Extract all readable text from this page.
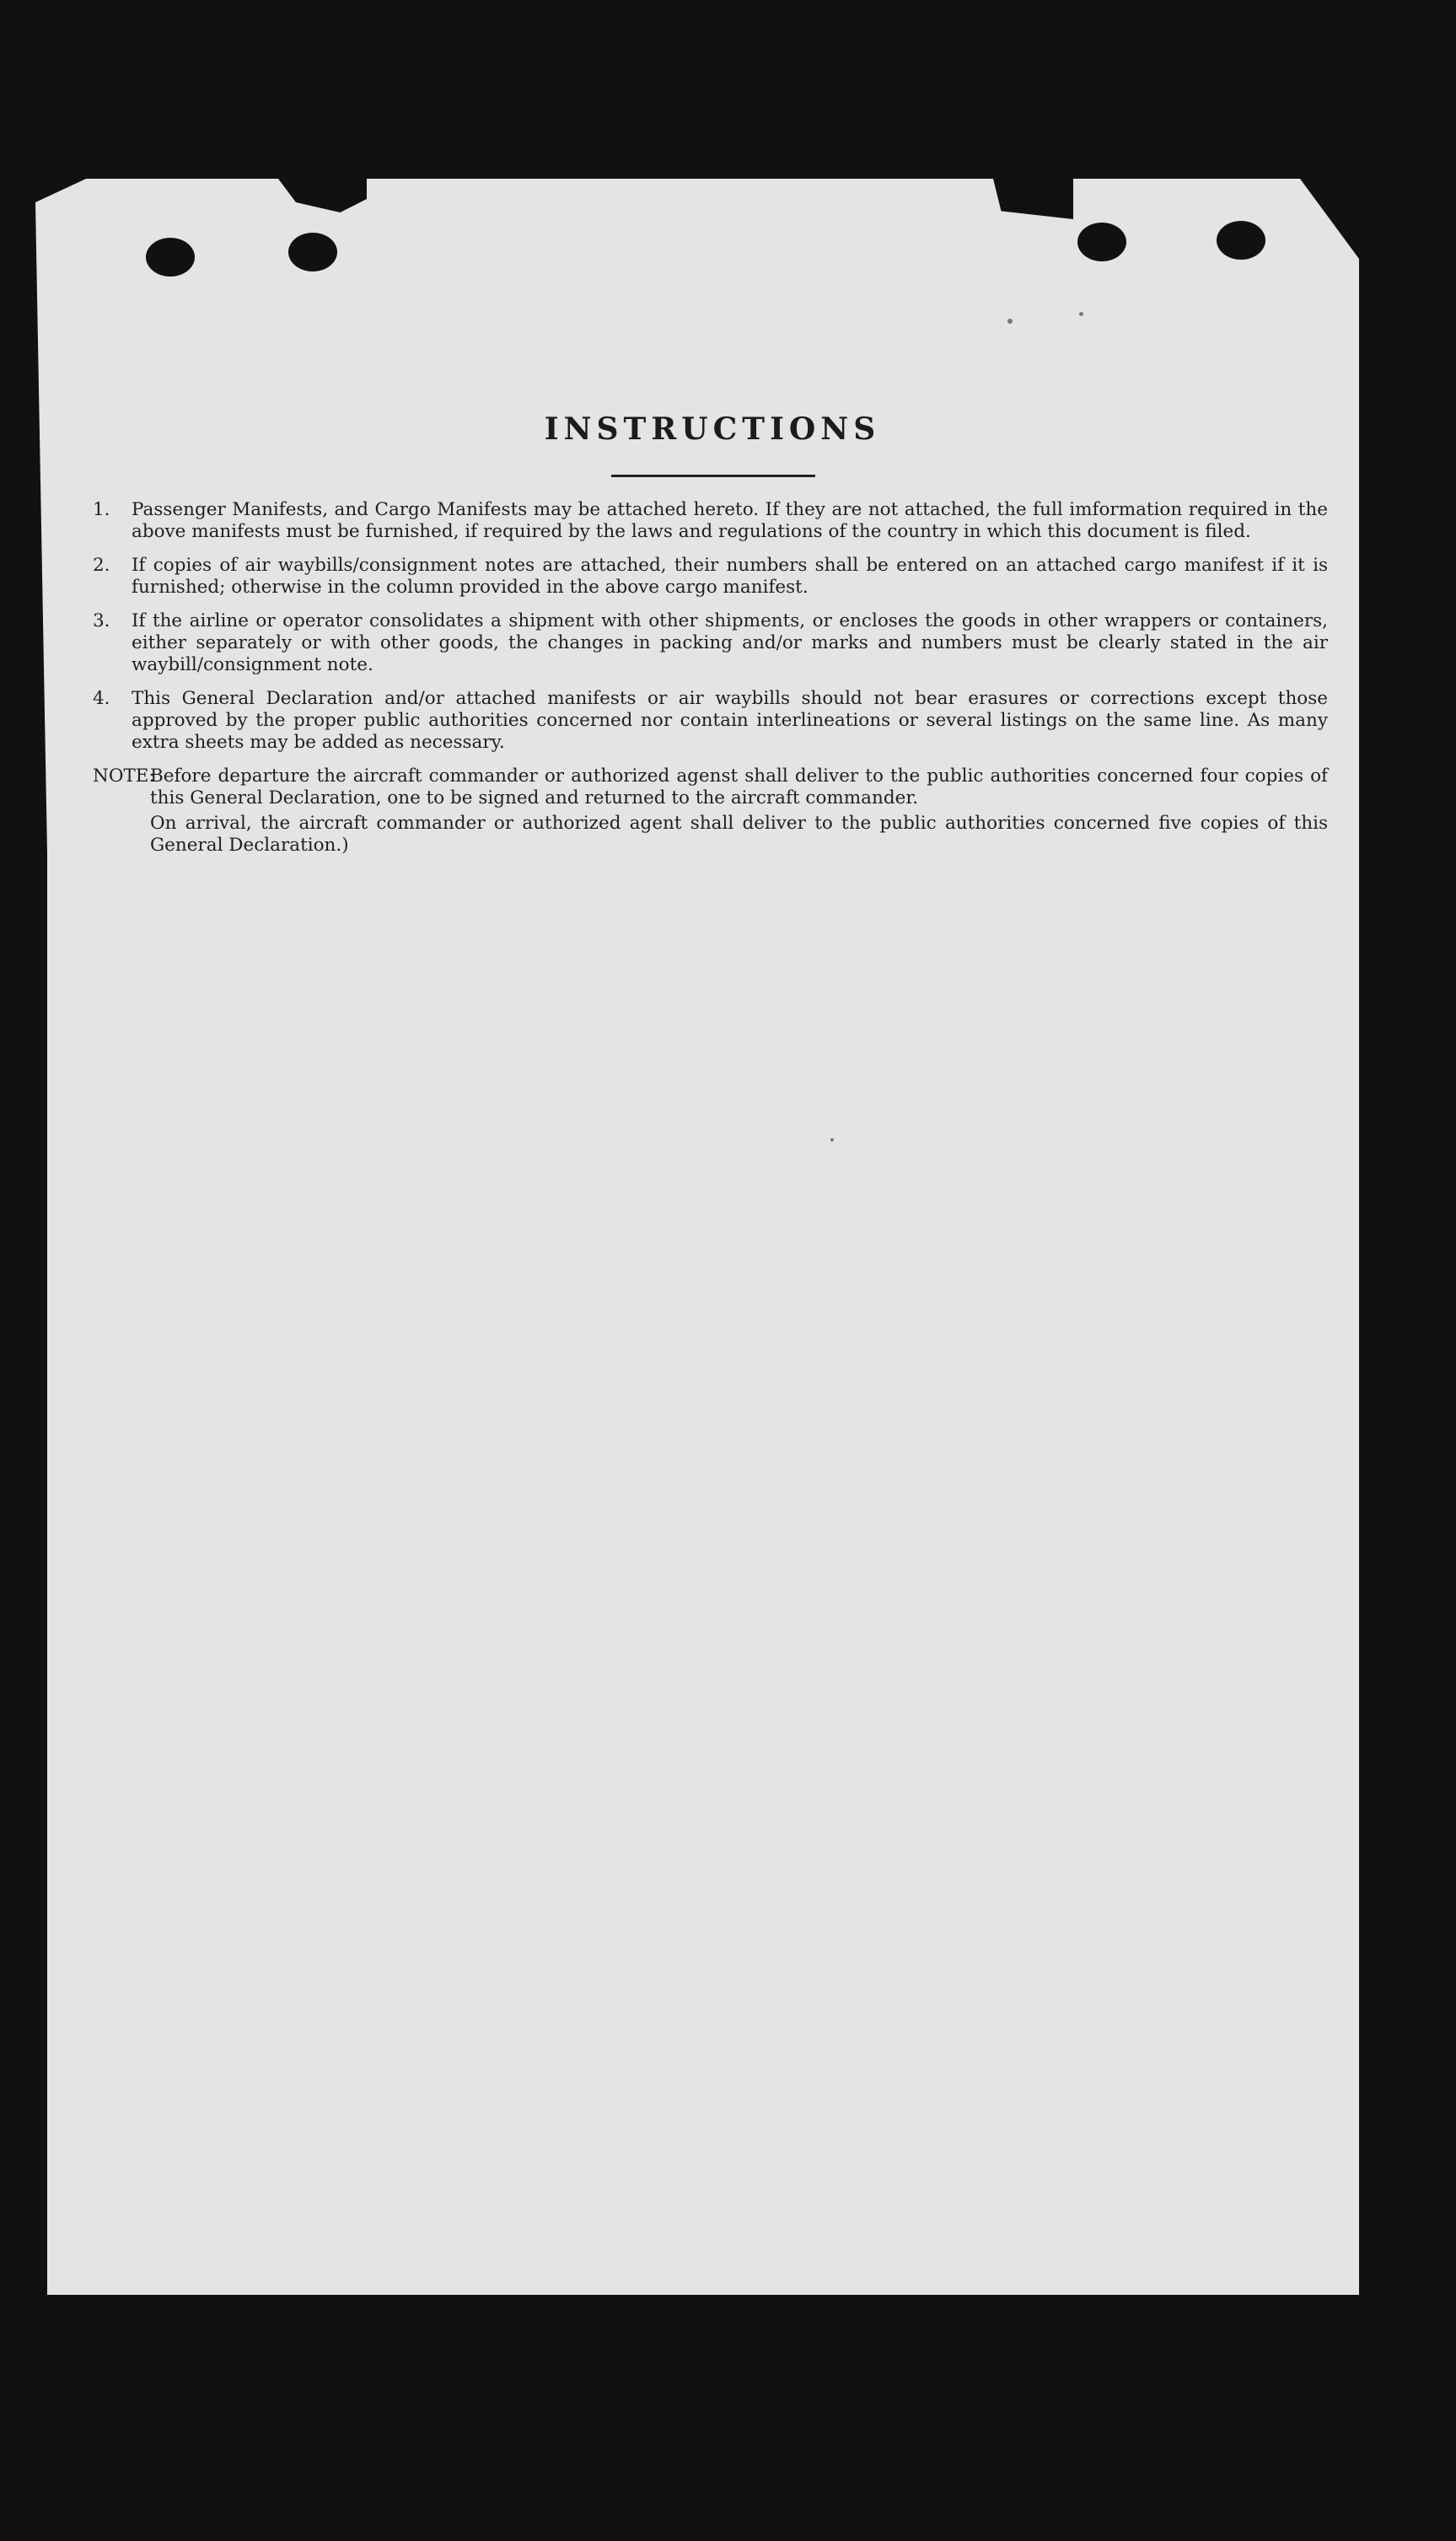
INSTRUCTIONS
1.	Passenger Manifests, and Cargo Manifests may be attached hereto. If they are not attached, the full imformation required in the above manifests must be furnished, if required by the laws and regulations of the country in which this document is filed.
2.	If copies of air waybills/consignment notes are attached, their numbers shall be entered on an attached cargo manifest if it is furnished; otherwise in the column provided in the above cargo manifest.
3.	If the airline or operator consolidates a shipment with other shipments, or encloses the goods in other wrappers or containers, either separately or with other goods, the changes in packing and/or marks and numbers must be clearly stated in the air waybill/consignment note.
4.	This General Declaration and/or attached manifests or air waybills should not bear erasures or corrections except those approved by the proper public authorities concerned nor contain interlineations or several listings on the same line. As many extra sheets may be added as necessary.
NOTE:

Before departure the aircraft commander or authorized agenst shall deliver to the public authorities concerned four copies of this General Declaration, one to be signed and returned to the aircraft commander.

On arrival, the aircraft commander or authorized agent shall deliver to the public authorities concerned five copies of this General Declaration.)
